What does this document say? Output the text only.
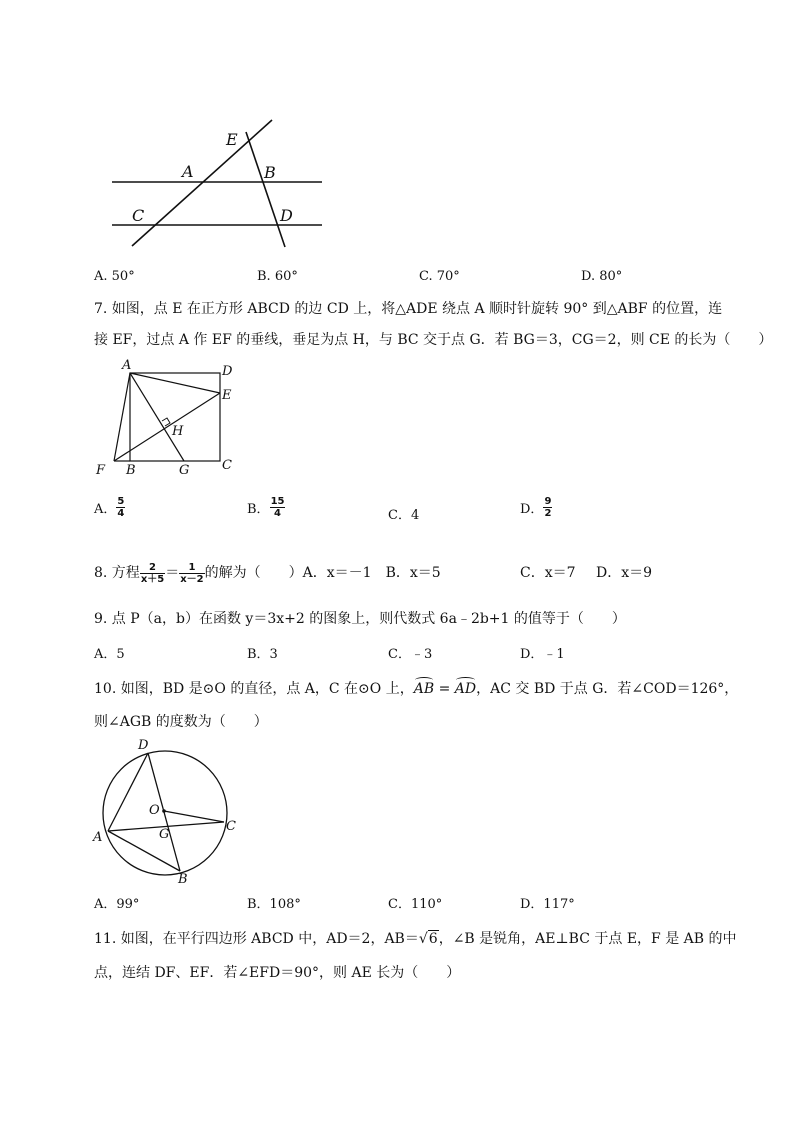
E
A	B
C	D
A. 50°	B. 60°	C. 70°	D. 80°
7. 如图，点 E 在正方形 ABCD 的边 CD 上，将△ADE 绕点 A 顺时针旋转 90° 到△ABF 的位置，连
接 EF，过点 A 作 EF 的垂线，垂足为点 H，与 BC 交于点 G．若 BG＝3，CG＝2，则 CE 的长为（　　）
A	D
E
H
F B	G	C
A． $\frac{5}{4}$	B． $\frac{15}{4}$	C．4	D． $\frac{9}{2}$
8. 方程 $\frac{2}{x+5} = \frac{1}{x-2}$ 的解为（　　）A．x＝－1　B．x＝5	C．x＝7 D．x＝9
9. 点 P（a，b）在函数 y＝3x+2 的图象上，则代数式 6a﹣2b+1 的值等于（　　）
A．5	B．3	C．﹣3	D．﹣1
10. 如图，BD 是⊙O 的直径，点 A，C 在⊙O 上，AB = AD，AC 交 BD 于点 G．若∠COD＝126°，
则∠AGB 的度数为（　　）
D
O
C
A	G
B
A．99°	B．108°	C．110°	D．117°
11. 如图，在平行四边形 ABCD 中，AD＝2，AB＝√6，∠B 是锐角，AE⊥BC 于点 E，F 是 AB 的中
点，连结 DF、EF．若∠EFD＝90°，则 AE 长为（　　）
